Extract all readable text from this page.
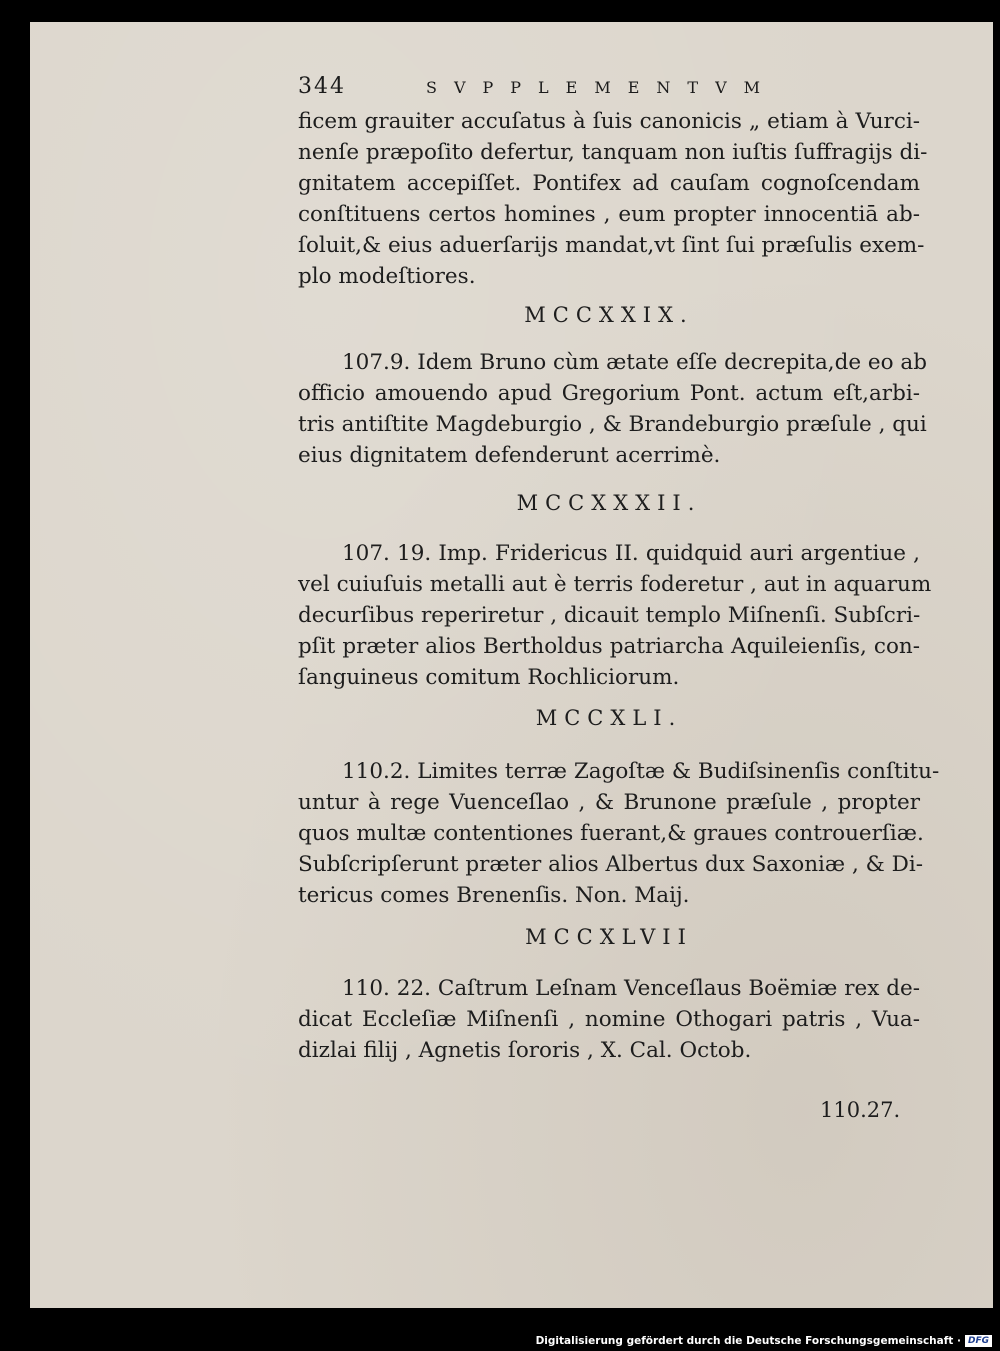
344	SVPPLEMENTVM
ficem grauiter accuſatus à ſuis canonicis „ etiam à Vurci-
nenſe præpoſito defertur, tanquam non iuſtis ſuffragijs di-
gnitatem accepiſſet. Pontifex ad cauſam cognoſcendam
conſtituens certos homines , eum propter innocentiā ab-
ſoluit,& eius aduerſarijs mandat,vt ſint ſui præſulis exem-
plo modeſtiores.
MCCXXIX.
107.9. Idem Bruno cùm ætate eſſe decrepita,de eo ab
officio amouendo apud Gregorium Pont. actum eſt,arbi-
tris antiſtite Magdeburgio , & Brandeburgio præſule , qui
eius dignitatem defenderunt acerrimè.
MCCXXXII.
107. 19. Imp. Fridericus II. quidquid auri argentiue ,
vel cuiuſuis metalli aut è terris foderetur , aut in aquarum
decurſibus reperiretur , dicauit templo Miſnenſi. Subſcri-
pſit præter alios Bertholdus patriarcha Aquileienſis, con-
ſanguineus comitum Rochliciorum.
MCCXLI.
110.2. Limites terræ Zagoſtæ & Budiſsinenſis conſtitu-
untur à rege Vuenceſlao , & Brunone præſule , propter
quos multæ contentiones fuerant,& graues controuerſiæ.
Subſcripſerunt præter alios Albertus dux Saxoniæ , & Di-
tericus comes Brenenſis. Non. Maij.
MCCXLVII
110. 22. Caſtrum Leſnam Venceſlaus Boëmiæ rex de-
dicat Eccleſiæ Miſnenſi , nomine Othogari patris , Vua-
dizlai filij , Agnetis ſororis , X. Cal. Octob.
110.27.
Digitalisierung gefördert durch die Deutsche Forschungsgemeinschaft · DFG
